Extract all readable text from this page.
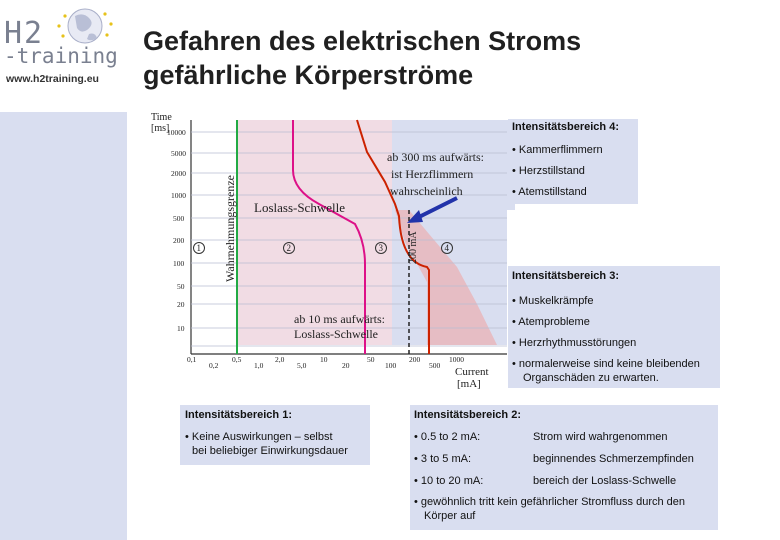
H2
-training
www.h2training.eu
Gefahren des elektrischen Stroms
gefährliche Körperströme
Time
[ms]
10000
5000
2000
1000
500
200
100
50
20
10
0,1
0,2
0,5
1,0
2,0
5,0
10
20
50
100
200
500
1000
Current
[mA]
1	2	3	4
Wahrnehmungsgrenze Loslass-Schwelle
200 mA
ab 300 ms aufwärts:
ist Herzflimmern
wahrscheinlich
ab 10 ms aufwärts:
Loslass-Schwelle
Intensitätsbereich 4:
• Kammerflimmern
• Herzstillstand
• Atemstillstand
Intensitätsbereich 3:
• Muskelkrämpfe
• Atemprobleme
• Herzrhythmusstörungen
• normalerweise sind keine bleibenden
Organschäden zu erwarten.
Intensitätsbereich 1:
• Keine Auswirkungen – selbst
bei beliebiger Einwirkungsdauer
Intensitätsbereich 2:
• 0.5 to 2 mA:	Strom wird wahrgenommen
• 3 to 5 mA:	beginnendes Schmerzempfinden
• 10 to 20 mA:	bereich der Loslass-Schwelle
• gewöhnlich tritt kein gefährlicher Stromfluss durch den
Körper auf
